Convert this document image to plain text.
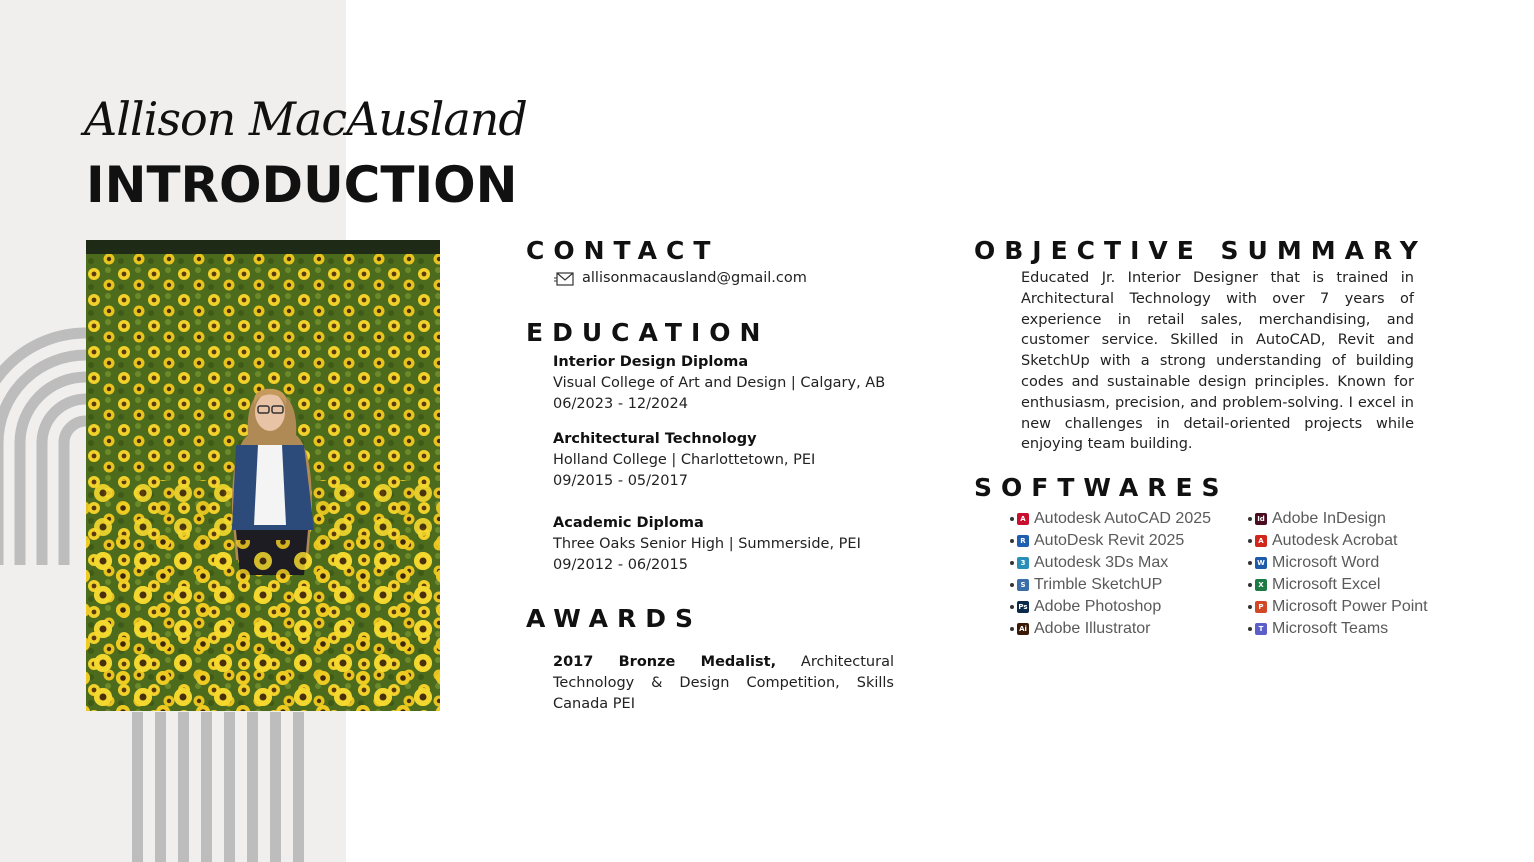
Allison MacAusland
INTRODUCTION
CONTACT
allisonmacausland@gmail.com
EDUCATION
Interior Design Diploma
Visual College of Art and Design | Calgary, AB
06/2023 - 12/2024
Architectural Technology
Holland College | Charlottetown, PEI
09/2015 - 05/2017
Academic Diploma
Three Oaks Senior High | Summerside, PEI
09/2012 - 06/2015
AWARDS
2017 Bronze Medalist, Architectural Technology & Design Competition, Skills Canada PEI
OBJECTIVE SUMMARY
Educated Jr. Interior Designer that is trained in Architectural Technology with over 7 years of experience in retail sales, merchandising, and customer service. Skilled in AutoCAD, Revit and SketchUp with a strong understanding of building codes and sustainable design principles. Known for enthusiasm, precision, and problem-solving. I excel in new challenges in detail-oriented projects while enjoying team building.
SOFTWARES
A Autodesk AutoCAD 2025
R AutoDesk Revit 2025
3 Autodesk 3Ds Max
S Trimble SketchUP
Ps Adobe Photoshop
Ai Adobe Illustrator
Id Adobe InDesign
A Autodesk Acrobat
W Microsoft Word
X Microsoft Excel
P Microsoft Power Point
T Microsoft Teams
